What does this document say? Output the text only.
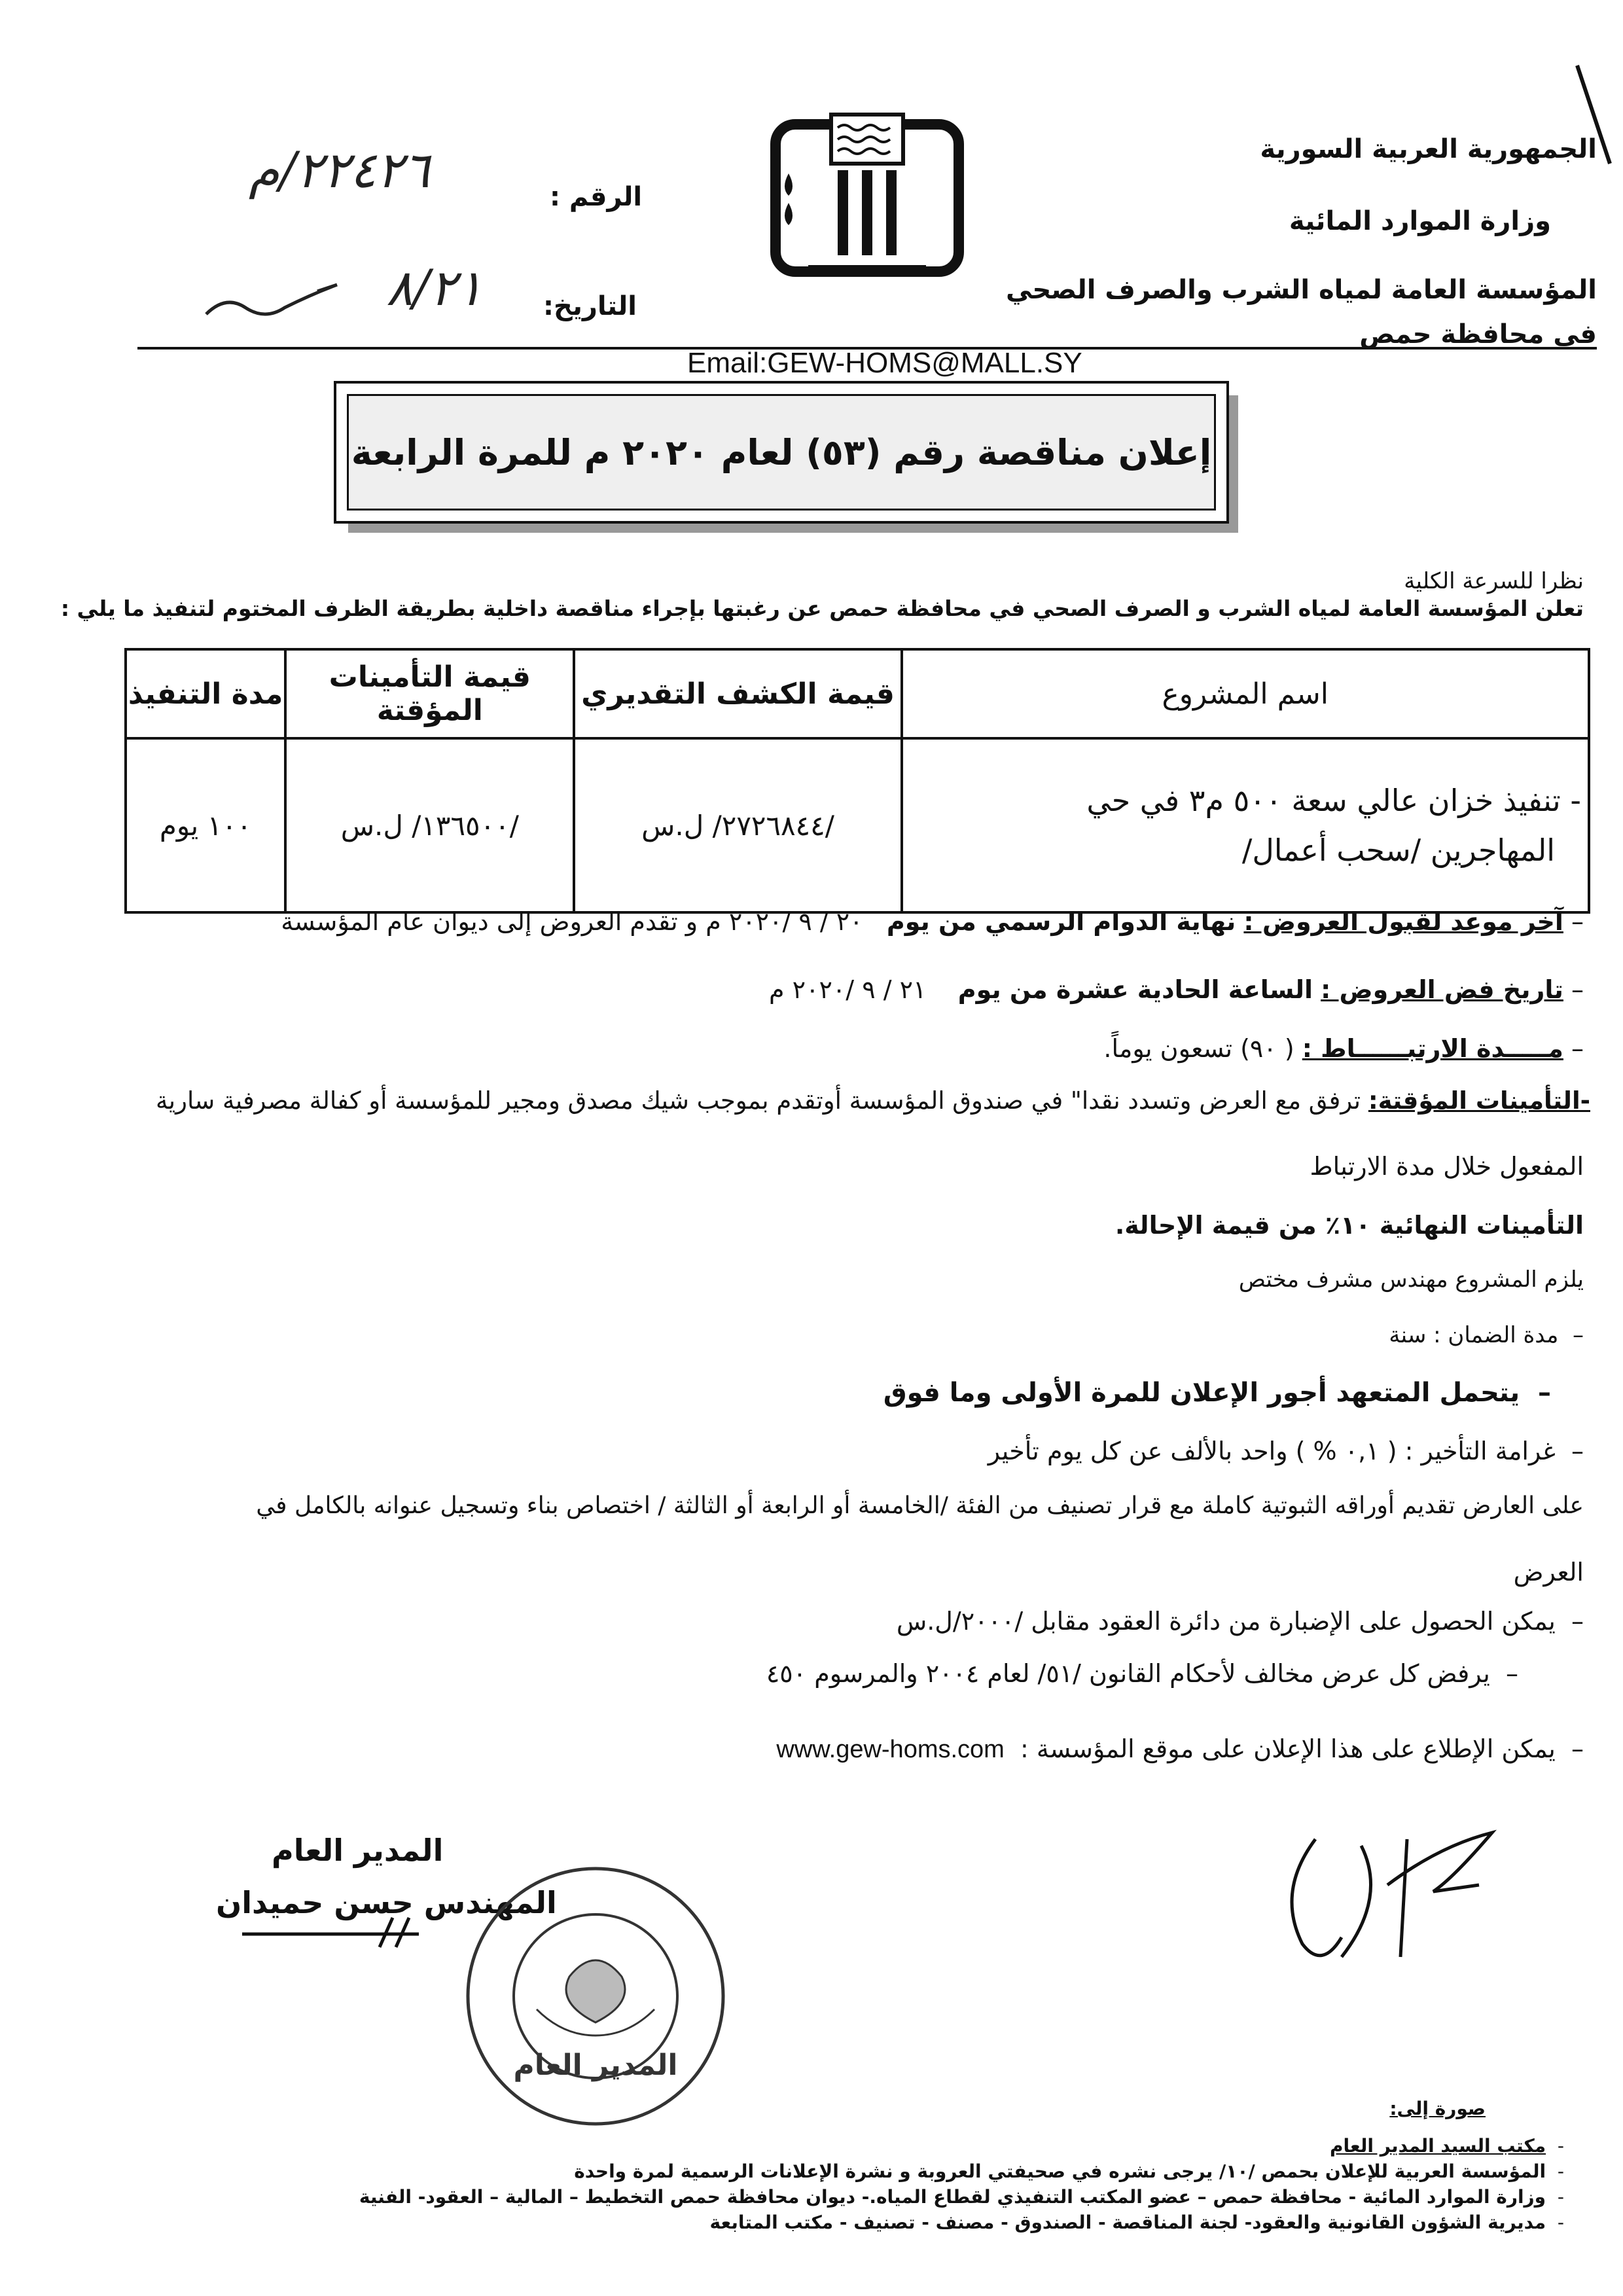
الجمهورية العربية السورية
وزارة الموارد المائية
المؤسسة العامة لمياه الشرب والصرف الصحي
في محافظة حمص
الرقم :
٢٢٤٢٦/م
التاريخ:
٨/٢١
Email:GEW-HOMS@MALL.SY
إعلان مناقصة رقم (٥٣) لعام ٢٠٢٠ م للمرة الرابعة
نظرا للسرعة الكلية
تعلن المؤسسة العامة لمياه الشرب و الصرف الصحي في محافظة حمص عن رغبتها بإجراء مناقصة داخلية بطريقة الظرف المختوم لتنفيذ ما يلي :
اسم المشروع	قيمة الكشف التقديري	قيمة التأمينات المؤقتة	مدة التنفيذ
- تنفيذ خزان عالي سعة ٥٠٠ م٣ في حي
المهاجرين /سحب أعمال/	/٢٧٢٦٨٤٤/ ل.س	/١٣٦٥٠٠/ ل.س	١٠٠ يوم
– آخر موعد لقبول العروض : نهاية الدوام الرسمي من يوم   ٢٠ / ٩ /٢٠٢٠ م و تقدم العروض إلى ديوان عام المؤسسة
– تاريخ فض العروض : الساعة الحادية عشرة من يوم    ٢١ / ٩ /٢٠٢٠ م
– مـــــدة الارتبــــــاط : ( ٩٠) تسعون يوماً.
-التأمينات المؤقتة: ترفق مع العرض وتسدد نقدا" في صندوق المؤسسة أوتقدم بموجب شيك مصدق ومجير للمؤسسة أو كفالة مصرفية سارية
المفعول خلال مدة الارتباط
التأمينات النهائية ١٠٪ من قيمة الإحالة.
يلزم المشروع مهندس مشرف مختص
–  مدة الضمان : سنة
–  يتحمل المتعهد أجور الإعلان للمرة الأولى وما فوق
–  غرامة التأخير : ( ٠,١ % ) واحد بالألف عن كل يوم تأخير
على العارض تقديم أوراقه الثبوتية كاملة مع قرار تصنيف من الفئة /الخامسة أو الرابعة أو الثالثة / اختصاص بناء وتسجيل عنوانه بالكامل في
العرض
–  يمكن الحصول على الإضبارة من دائرة العقود مقابل /٢٠٠٠/ل.س
–  يرفض كل عرض مخالف لأحكام القانون /٥١/ لعام ٢٠٠٤ والمرسوم ٤٥٠
–  يمكن الإطلاع على هذا الإعلان على موقع المؤسسة :  www.gew-homs.com
المدير العام
المهندس حسن حميدان
المدير العام
صورة إلى:
-  مكتب السيد المدير العام
-  المؤسسة العربية للإعلان بحمص /١٠/ يرجى نشره في صحيفتي العروبة و نشرة الإعلانات الرسمية لمرة واحدة
-  وزارة الموارد المائية - محافظة حمص – عضو المكتب التنفيذي لقطاع المياه.- ديوان محافظة حمص التخطيط – المالية – العقود- الفنية
-  مديرية الشؤون القانونية والعقود- لجنة المناقصة - الصندوق - مصنف - تصنيف - مكتب المتابعة
